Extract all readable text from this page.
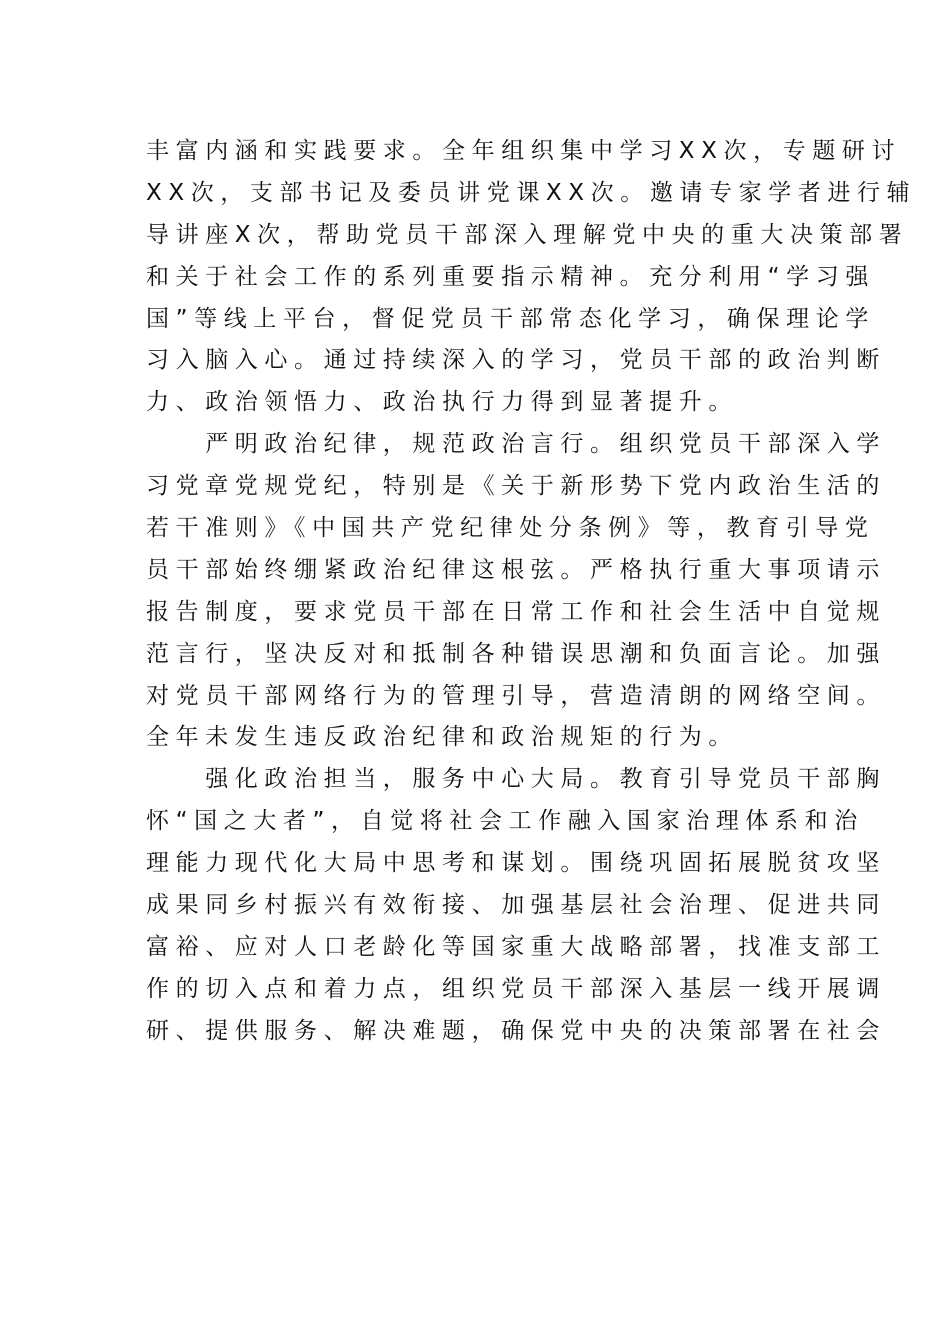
丰富内涵和实践要求。全年组织集中学习XX次，专题研讨
XX次，支部书记及委员讲党课XX次。邀请专家学者进行辅
导讲座X次，帮助党员干部深入理解党中央的重大决策部署
和关于社会工作的系列重要指示精神。充分利用“学习强
国”等线上平台，督促党员干部常态化学习，确保理论学
习入脑入心。通过持续深入的学习，党员干部的政治判断
力、政治领悟力、政治执行力得到显著提升。
　　严明政治纪律，规范政治言行。组织党员干部深入学
习党章党规党纪，特别是《关于新形势下党内政治生活的
若干准则》《中国共产党纪律处分条例》等，教育引导党
员干部始终绷紧政治纪律这根弦。严格执行重大事项请示
报告制度，要求党员干部在日常工作和社会生活中自觉规
范言行，坚决反对和抵制各种错误思潮和负面言论。加强
对党员干部网络行为的管理引导，营造清朗的网络空间。
全年未发生违反政治纪律和政治规矩的行为。
　　强化政治担当，服务中心大局。教育引导党员干部胸
怀“国之大者”，自觉将社会工作融入国家治理体系和治
理能力现代化大局中思考和谋划。围绕巩固拓展脱贫攻坚
成果同乡村振兴有效衔接、加强基层社会治理、促进共同
富裕、应对人口老龄化等国家重大战略部署，找准支部工
作的切入点和着力点，组织党员干部深入基层一线开展调
研、提供服务、解决难题，确保党中央的决策部署在社会
